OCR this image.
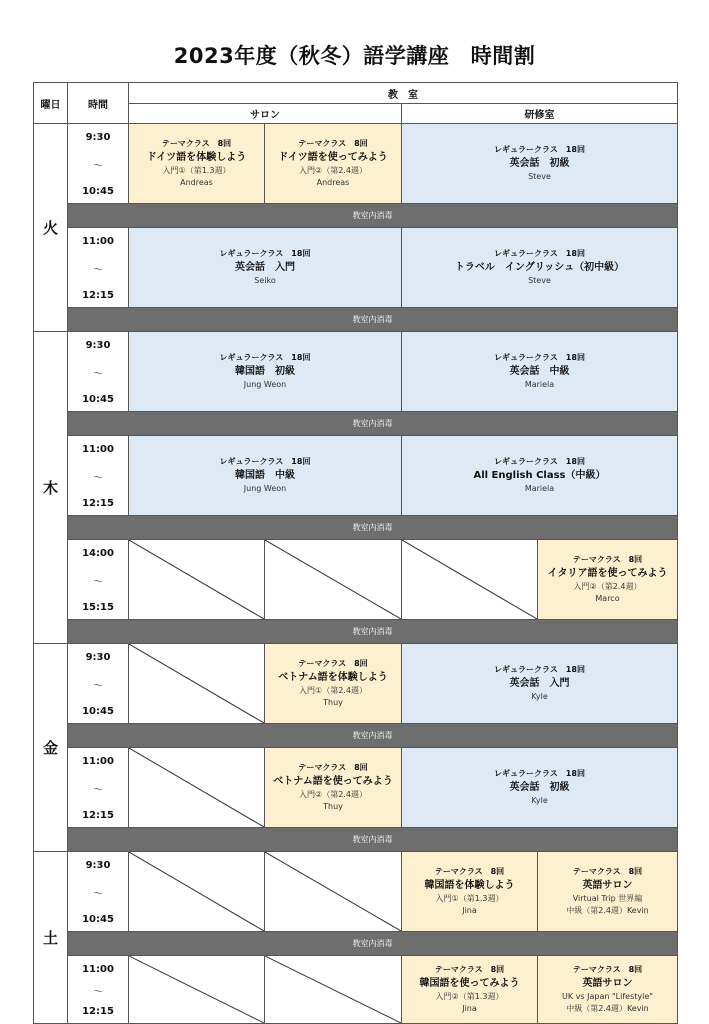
2023年度（秋冬）語学講座　時間割
曜日	時間
教　室
サロン	研修室
9:30
～
10:45
テーマクラス　8回
ドイツ語を体験しよう
入門①（第1.3週）
Andreas
テーマクラス　8回
ドイツ語を使ってみよう
入門②（第2.4週）
Andreas
レギュラークラス　18回
英会話　初級
Steve
教室内消毒
11:00
～
12:15
レギュラークラス　18回
英会話　入門
Seiko
レギュラークラス　18回
トラベル　イングリッシュ（初中級）
Steve
教室内消毒
火
9:30
～
10:45
レギュラークラス　18回
韓国語　初級
Jung Weon
レギュラークラス　18回
英会話　中級
Mariela
教室内消毒
11:00
～
12:15
レギュラークラス　18回
韓国語　中級
Jung Weon
レギュラークラス　18回
All English Class（中級）
Mariela
教室内消毒
14:00
～
15:15
テーマクラス　8回
イタリア語を使ってみよう
入門②（第2.4週）
Marco
教室内消毒
木
9:30
～
10:45
テーマクラス　8回
ベトナム語を体験しよう
入門①（第2.4週）
Thuy
レギュラークラス　18回
英会話　入門
Kyle
教室内消毒
11:00
～
12:15
テーマクラス　8回
ベトナム語を使ってみよう
入門②（第2.4週）
Thuy
レギュラークラス　18回
英会話　初級
Kyle
教室内消毒
金
9:30
～
10:45
テーマクラス　8回
韓国語を体験しよう
入門①（第1.3週）
Jina
テーマクラス　8回
英語サロン
Virtual Trip 世界編
中級（第2.4週）Kevin
教室内消毒
11:00
～
12:15
テーマクラス　8回
韓国語を使ってみよう
入門②（第1.3週）
Jina
テーマクラス　8回
英語サロン
UK vs Japan "Lifestyle"
中級（第2.4週）Kevin
土
